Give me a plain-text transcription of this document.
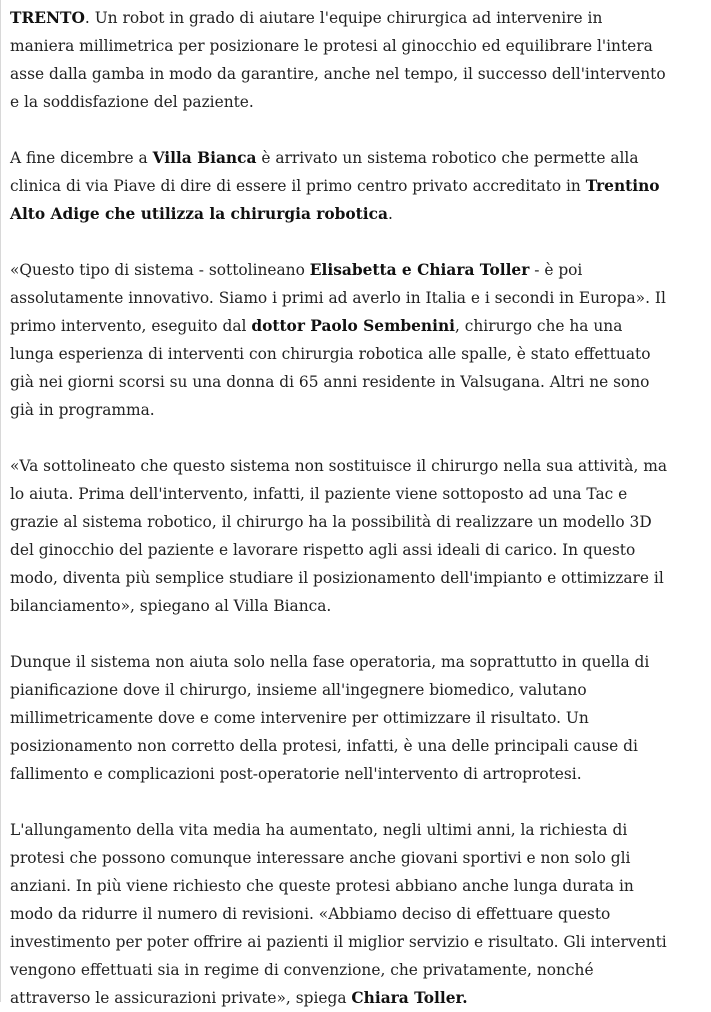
TRENTO. Un robot in grado di aiutare l'equipe chirurgica ad intervenire in maniera millimetrica per posizionare le protesi al ginocchio ed equilibrare l'intera asse dalla gamba in modo da garantire, anche nel tempo, il successo dell'intervento e la soddisfazione del paziente.

A fine dicembre a Villa Bianca è arrivato un sistema robotico che permette alla clinica di via Piave di dire di essere il primo centro privato accreditato in Trentino Alto Adige che utilizza la chirurgia robotica.

«Questo tipo di sistema - sottolineano Elisabetta e Chiara Toller - è poi assolutamente innovativo. Siamo i primi ad averlo in Italia e i secondi in Europa». Il primo intervento, eseguito dal dottor Paolo Sembenini, chirurgo che ha una lunga esperienza di interventi con chirurgia robotica alle spalle, è stato effettuato già nei giorni scorsi su una donna di 65 anni residente in Valsugana. Altri ne sono già in programma.

«Va sottolineato che questo sistema non sostituisce il chirurgo nella sua attività, ma lo aiuta. Prima dell'intervento, infatti, il paziente viene sottoposto ad una Tac e grazie al sistema robotico, il chirurgo ha la possibilità di realizzare un modello 3D del ginocchio del paziente e lavorare rispetto agli assi ideali di carico. In questo modo, diventa più semplice studiare il posizionamento dell'impianto e ottimizzare il bilanciamento», spiegano al Villa Bianca.

Dunque il sistema non aiuta solo nella fase operatoria, ma soprattutto in quella di pianificazione dove il chirurgo, insieme all'ingegnere biomedico, valutano millimetricamente dove e come intervenire per ottimizzare il risultato. Un posizionamento non corretto della protesi, infatti, è una delle principali cause di fallimento e complicazioni post-operatorie nell'intervento di artroprotesi.

L'allungamento della vita media ha aumentato, negli ultimi anni, la richiesta di protesi che possono comunque interessare anche giovani sportivi e non solo gli anziani. In più viene richiesto che queste protesi abbiano anche lunga durata in modo da ridurre il numero di revisioni. «Abbiamo deciso di effettuare questo investimento per poter offrire ai pazienti il miglior servizio e risultato. Gli interventi vengono effettuati sia in regime di convenzione, che privatamente, nonché attraverso le assicurazioni private», spiega Chiara Toller.
